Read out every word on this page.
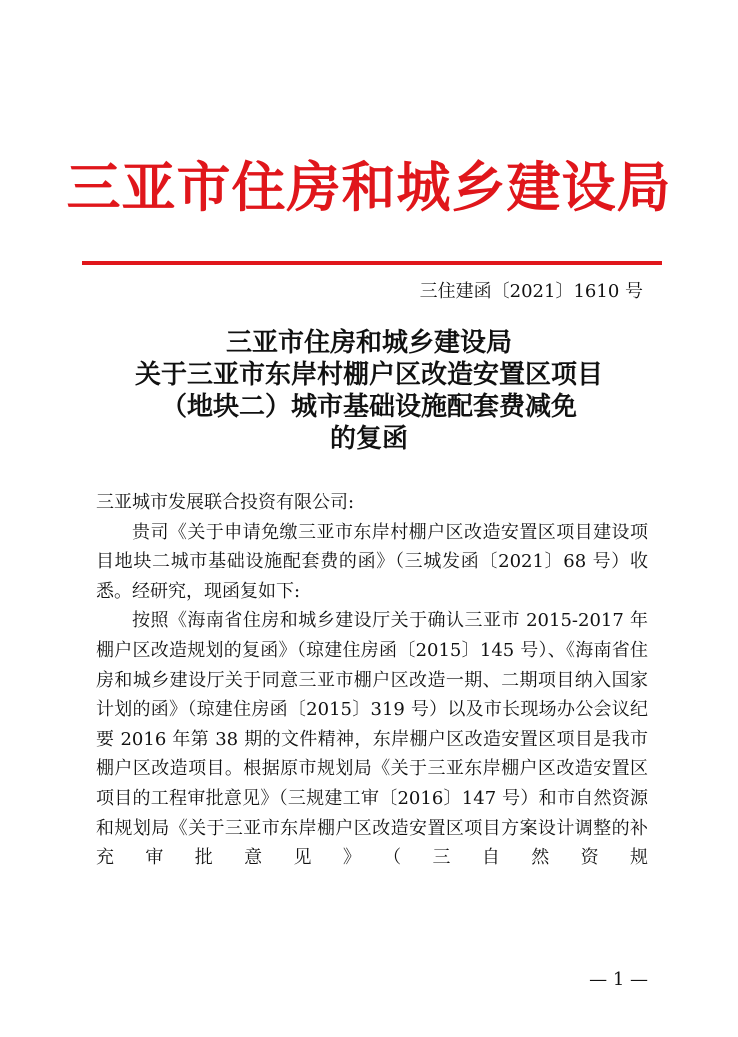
三亚市住房和城乡建设局
三住建函〔2021〕1610 号
三亚市住房和城乡建设局
关于三亚市东岸村棚户区改造安置区项目
（地块二）城市基础设施配套费减免
的复函

三亚城市发展联合投资有限公司:

贵司《关于申请免缴三亚市东岸村棚户区改造安置区项目建设项目地块二城市基础设施配套费的函》（三城发函〔2021〕68 号）收悉。经研究，现函复如下:

按照《海南省住房和城乡建设厅关于确认三亚市 2015-2017 年棚户区改造规划的复函》（琼建住房函〔2015〕145 号）、《海南省住房和城乡建设厅关于同意三亚市棚户区改造一期、二期项目纳入国家计划的函》（琼建住房函〔2015〕319 号）以及市长现场办公会议纪要 2016 年第 38 期的文件精神，东岸棚户区改造安置区项目是我市棚户区改造项目。根据原市规划局《关于三亚东岸棚户区改造安置区项目的工程审批意见》（三规建工审〔2016〕147 号）和市自然资源和规划局《关于三亚市东岸棚户区改造安置区项目方案设计调整的补充审批意见》（三自然资规

— 1 —
